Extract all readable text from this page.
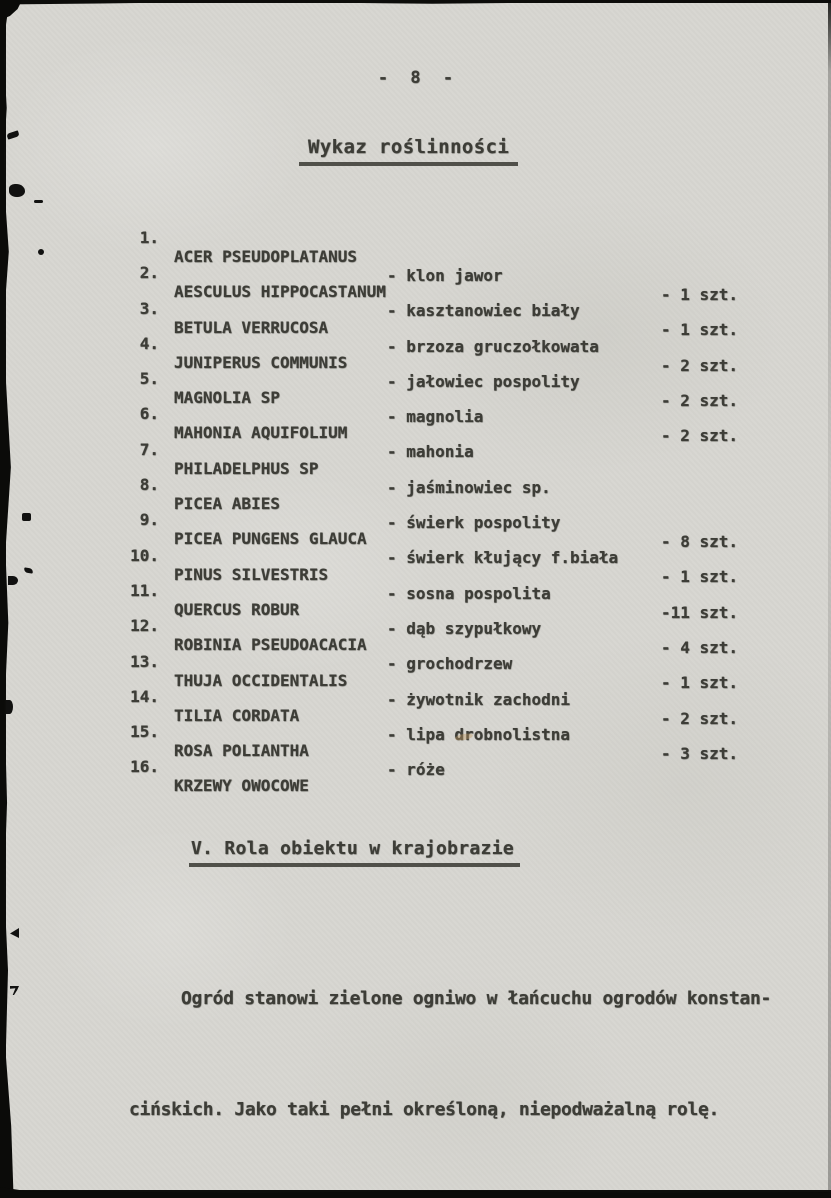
- 8 -
Wykaz roślinności

1.

ACER PSEUDOPLATANUS

- klon jawor

- 1 szt.

2.

AESCULUS HIPPOCASTANUM

- kasztanowiec biały

- 1 szt.

3.

BETULA VERRUCOSA

- brzoza gruczołkowata

- 2 szt.

4.

JUNIPERUS COMMUNIS

- jałowiec pospolity

- 2 szt.

5.

MAGNOLIA SP

- magnolia

- 2 szt.

6.

MAHONIA AQUIFOLIUM

- mahonia

7.

PHILADELPHUS SP

- jaśminowiec sp.

8.

PICEA ABIES

- świerk pospolity

- 8 szt.

9.

PICEA PUNGENS GLAUCA

- świerk kłujący f.biała

- 1 szt.

10.

PINUS SILVESTRIS

- sosna pospolita

-11 szt.

11.

QUERCUS ROBUR

- dąb szypułkowy

- 4 szt.

12.

ROBINIA PSEUDOACACIA

- grochodrzew

- 1 szt.

13.

THUJA OCCIDENTALIS

- żywotnik zachodni

- 2 szt.

14.

TILIA CORDATA

- lipa drobnolistna

- 3 szt.

15.

ROSA POLIANTHA

- róże

16.

KRZEWY OWOCOWE

V. Rola obiektu w krajobrazie

Ogród stanowi zielone ogniwo w łańcuchu ogrodów konstan-

cińskich. Jako taki pełni określoną, niepodważalną rolę.
